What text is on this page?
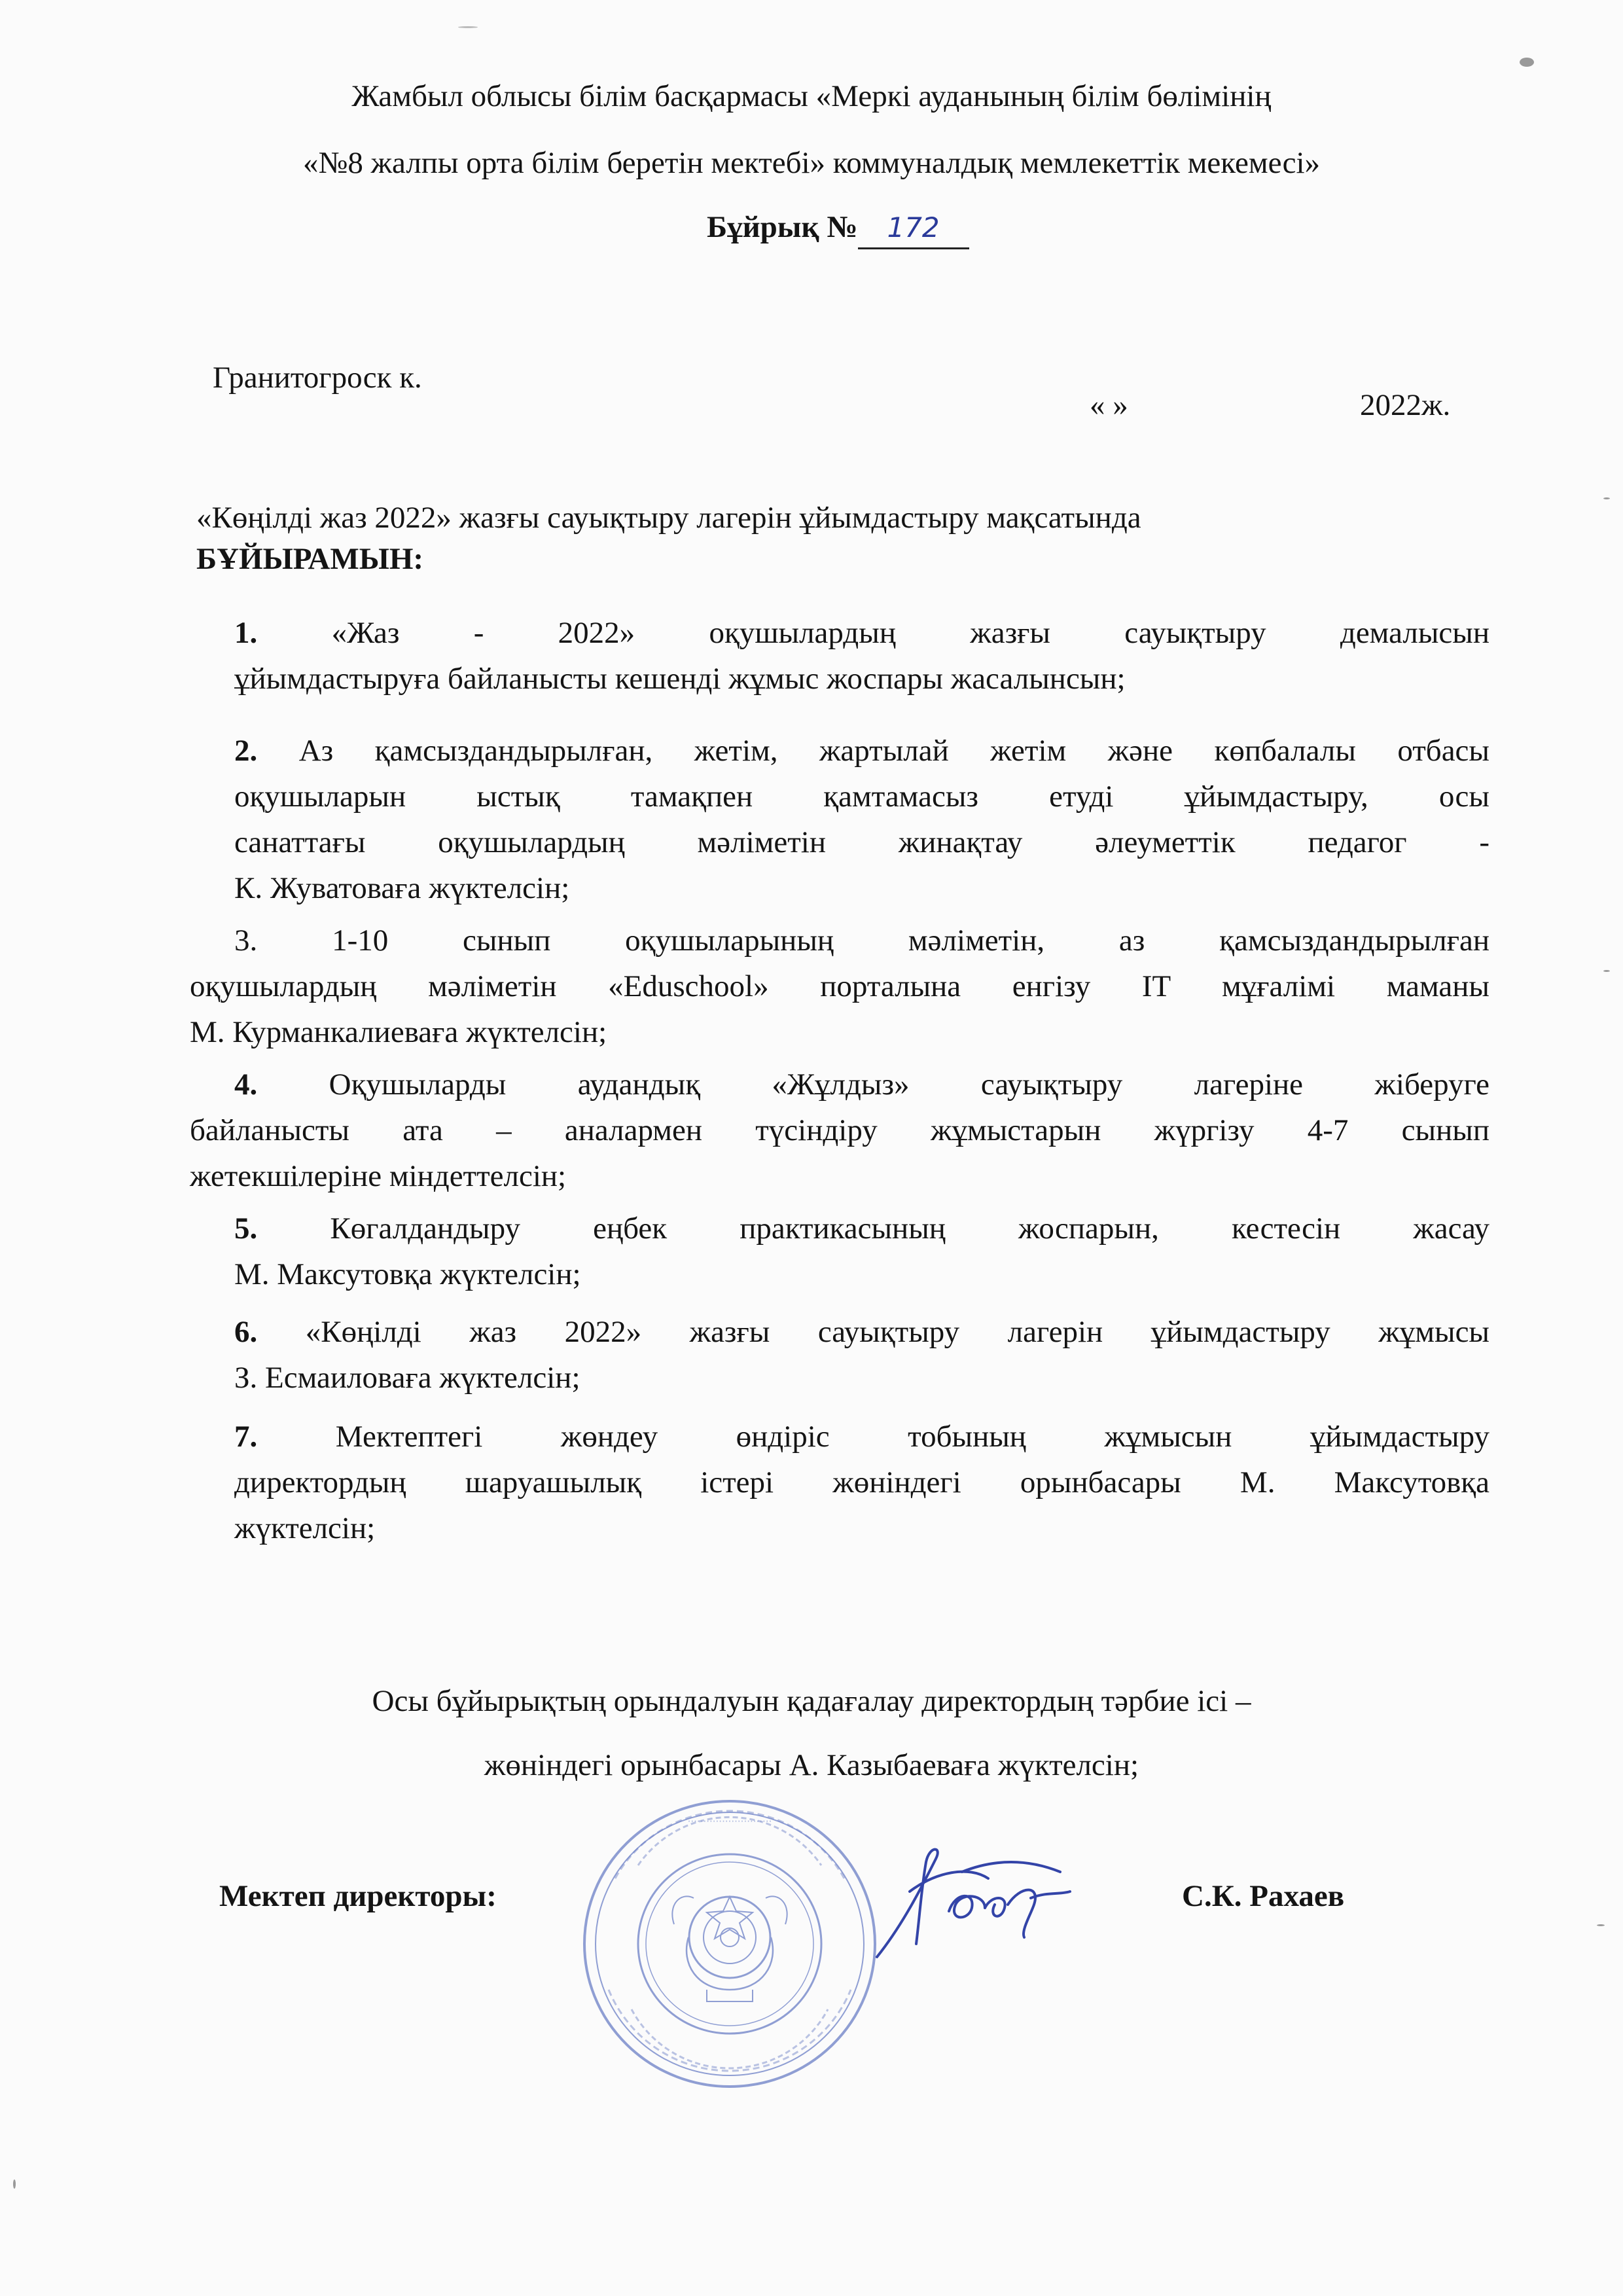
Жамбыл облысы білім басқармасы «Меркі ауданының білім бөлімінің
«№8 жалпы орта білім беретін мектебі» коммуналдық мемлекеттік мекемесі»
Бұйрық № 172
Гранитогроск к.
« »	2022ж.
«Көңілді жаз 2022» жазғы сауықтыру лагерін ұйымдастыру мақсатында
БҰЙЫРАМЫН:
1. «Жаз - 2022» оқушылардың жазғы сауықтыру демалысын
ұйымдастыруға байланысты кешенді жұмыс жоспары жасалынсын;
2. Аз қамсыздандырылған, жетім, жартылай жетім және көпбалалы отбасы
оқушыларын ыстық тамақпен қамтамасыз етуді ұйымдастыру, осы
санаттағы оқушылардың мәліметін жинақтау әлеуметтік педагог -
К. Жуватоваға жүктелсін;
3. 1-10 сынып оқушыларының мәліметін, аз қамсыздандырылған
оқушылардың мәліметін «Eduschool» порталына енгізу IT мұғалімі маманы
М. Курманкалиеваға жүктелсін;
4. Оқушыларды аудандық «Жұлдыз» сауықтыру лагеріне жіберуге
байланысты ата – аналармен түсіндіру жұмыстарын жүргізу 4-7 сынып
жетекшілеріне міндеттелсін;
5. Көгалдандыру еңбек практикасының жоспарын, кестесін жасау
М. Максутовқа жүктелсін;
6. «Көңілді жаз 2022» жазғы сауықтыру лагерін ұйымдастыру жұмысы
З. Есмаиловаға жүктелсін;
7.	Мектептегі жөндеу өндіріс тобының жұмысын ұйымдастыру
директордың шаруашылық істері жөніндегі орынбасары М. Максутовқа
жүктелсін;
Осы бұйырықтың орындалуын қадағалау директордың тәрбие ісі –
жөніндегі орынбасары А. Казыбаеваға жүктелсін;
···························
Мектеп директоры:	С.К. Рахаев
